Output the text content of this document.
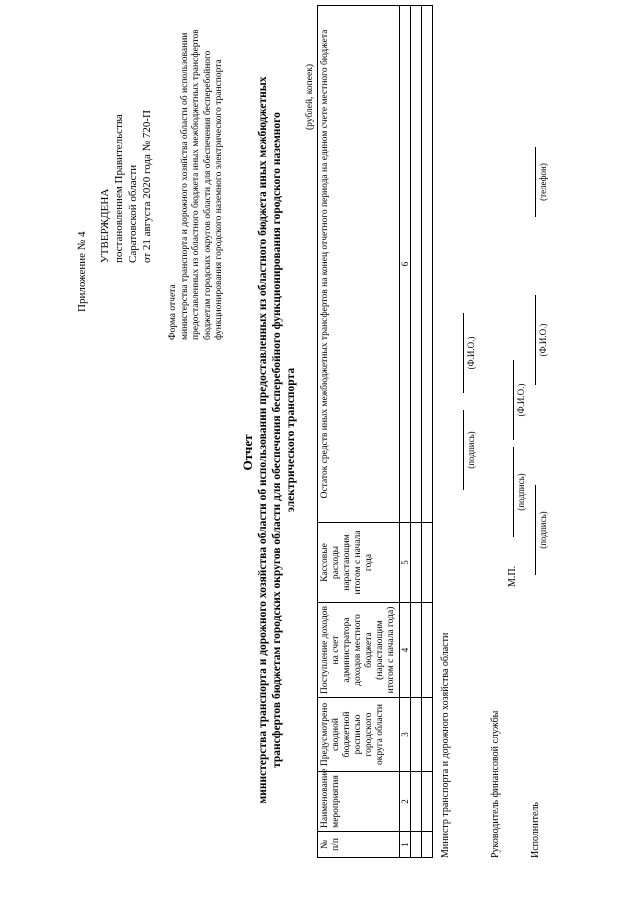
Приложение № 4
УТВЕРЖДЕНА постановлением Правительства Саратовской области от 21 августа 2020 года № 720-П
Форма отчета министерства транспорта и дорожного хозяйства области об использовании предоставленных из областного бюджета иных межбюджетных трансфертов бюджетам городских округов области для обеспечения бесперебойного функционирования городского наземного электрического транспорта
Отчет министерства транспорта и дорожного хозяйства области об использовании предоставленных из областного бюджета иных межбюджетных трансфертов бюджетам городских округов области для обеспечения бесперебойного функционирования городского наземного электрического транспорта
(рублей, копеек)
№ п/п	Наименование мероприятия	Предусмотрено сводной бюджетной росписью городского округа области	Поступление доходов на счет администратора доходов местного бюджета (нарастающим итогом с начала года)	Кассовые расходы нарастающим итогом с начала года	Остаток средств иных межбюджетных трансфертов на конец отчетного периода на едином счете местного бюджета
1	2	3	4	5	6

Министр транспорта и дорожного хозяйства области
(подпись)
(Ф.И.О.)
М.П.
Руководитель финансовой службы
(подпись)
(Ф.И.О.)
Исполнитель
(подпись)
(Ф.И.О.)
(телефон)
